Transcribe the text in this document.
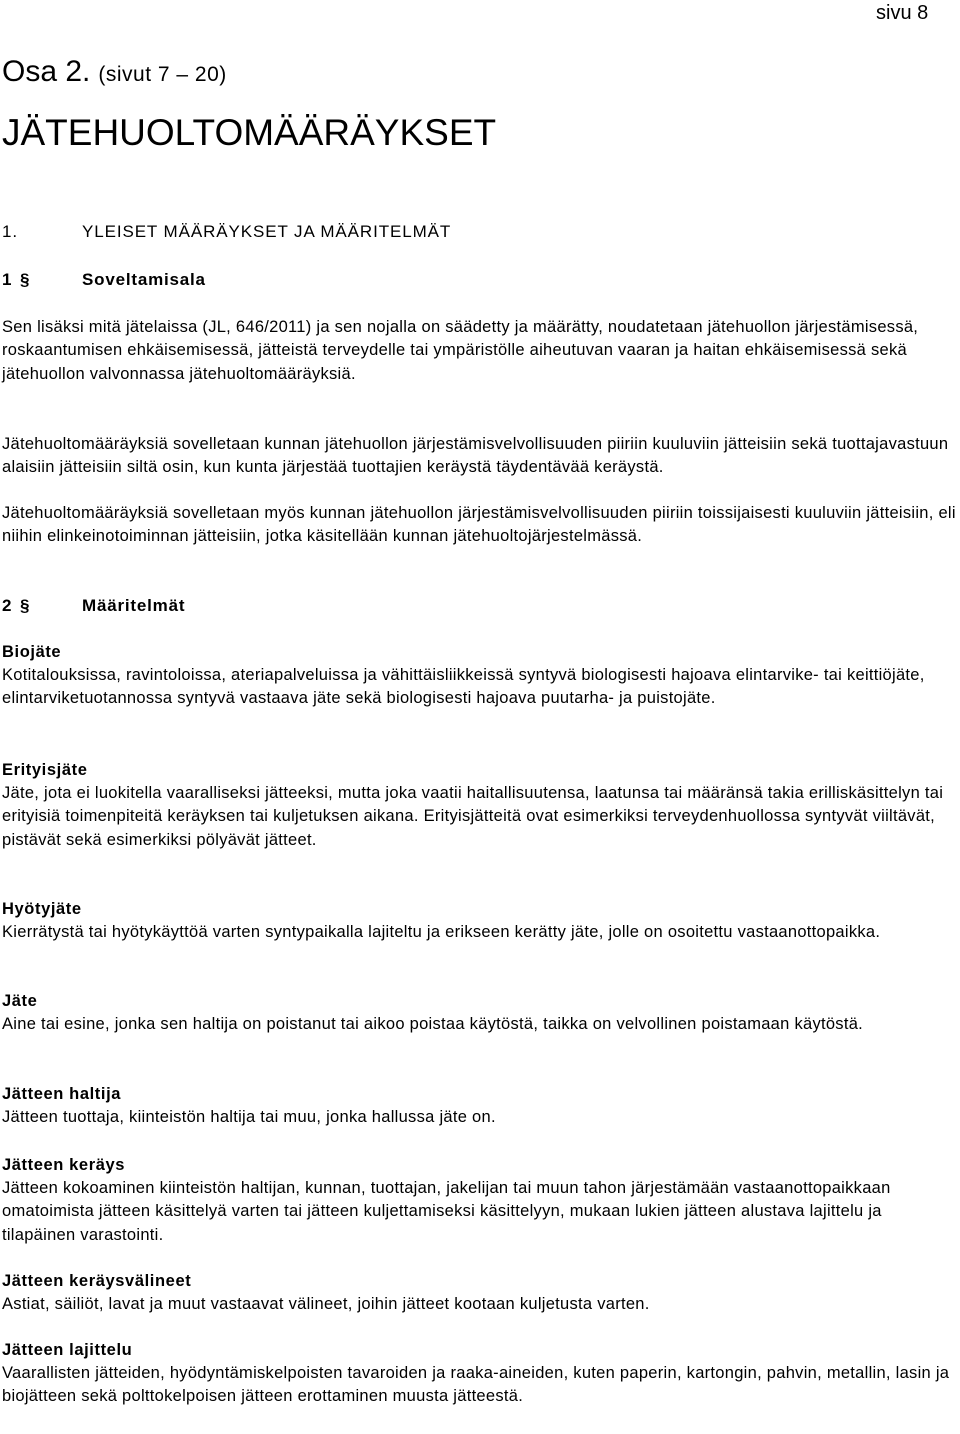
sivu 8
Osa 2. (sivut 7 – 20)
JÄTEHUOLTOMÄÄRÄYKSET
1.	YLEISET MÄÄRÄYKSET JA MÄÄRITELMÄT
1 §	Soveltamisala

Sen lisäksi mitä jätelaissa (JL, 646/2011) ja sen nojalla on säädetty ja määrätty, noudatetaan jätehuollon järjestämisessä, roskaantumisen ehkäisemisessä, jätteistä terveydelle tai ympäristölle aiheutuvan vaaran ja haitan ehkäisemisessä sekä jätehuollon valvonnassa jätehuoltomääräyksiä.

Jätehuoltomääräyksiä sovelletaan kunnan jätehuollon järjestämisvelvollisuuden piiriin kuuluviin jätteisiin sekä tuottajavastuun alaisiin jätteisiin siltä osin, kun kunta järjestää tuottajien keräystä täydentävää keräystä.

Jätehuoltomääräyksiä sovelletaan myös kunnan jätehuollon järjestämisvelvollisuuden piiriin toissijaisesti kuuluviin jätteisiin, eli niihin elinkeinotoiminnan jätteisiin, jotka käsitellään kunnan jätehuoltojärjestelmässä.

2 §	Määritelmät
Biojäte

Kotitalouksissa, ravintoloissa, ateriapalveluissa ja vähittäisliikkeissä syntyvä biologisesti hajoava elintarvike- tai keittiöjäte, elintarviketuotannossa syntyvä vastaava jäte sekä biologisesti hajoava puutarha- ja puistojäte.

Erityisjäte

Jäte, jota ei luokitella vaaralliseksi jätteeksi, mutta joka vaatii haitallisuutensa, laatunsa tai määränsä takia erilliskäsittelyn tai erityisiä toimenpiteitä keräyksen tai kuljetuksen aikana. Erityisjätteitä ovat esimerkiksi terveydenhuollossa syntyvät viiltävät, pistävät sekä esimerkiksi pölyävät jätteet.

Hyötyjäte

Kierrätystä tai hyötykäyttöä varten syntypaikalla lajiteltu ja erikseen kerätty jäte, jolle on osoitettu vastaanottopaikka.

Jäte

Aine tai esine, jonka sen haltija on poistanut tai aikoo poistaa käytöstä, taikka on velvollinen poistamaan käytöstä.

Jätteen haltija

Jätteen tuottaja, kiinteistön haltija tai muu, jonka hallussa jäte on.

Jätteen keräys

Jätteen kokoaminen kiinteistön haltijan, kunnan, tuottajan, jakelijan tai muun tahon järjestämään vastaanottopaikkaan omatoimista jätteen käsittelyä varten tai jätteen kuljettamiseksi käsittelyyn, mukaan lukien jätteen alustava lajittelu ja tilapäinen varastointi.

Jätteen keräysvälineet

Astiat, säiliöt, lavat ja muut vastaavat välineet, joihin jätteet kootaan kuljetusta varten.

Jätteen lajittelu

Vaarallisten jätteiden, hyödyntämiskelpoisten tavaroiden ja raaka-aineiden, kuten paperin, kartongin, pahvin, metallin, lasin ja biojätteen sekä polttokelpoisen jätteen erottaminen muusta jätteestä.
